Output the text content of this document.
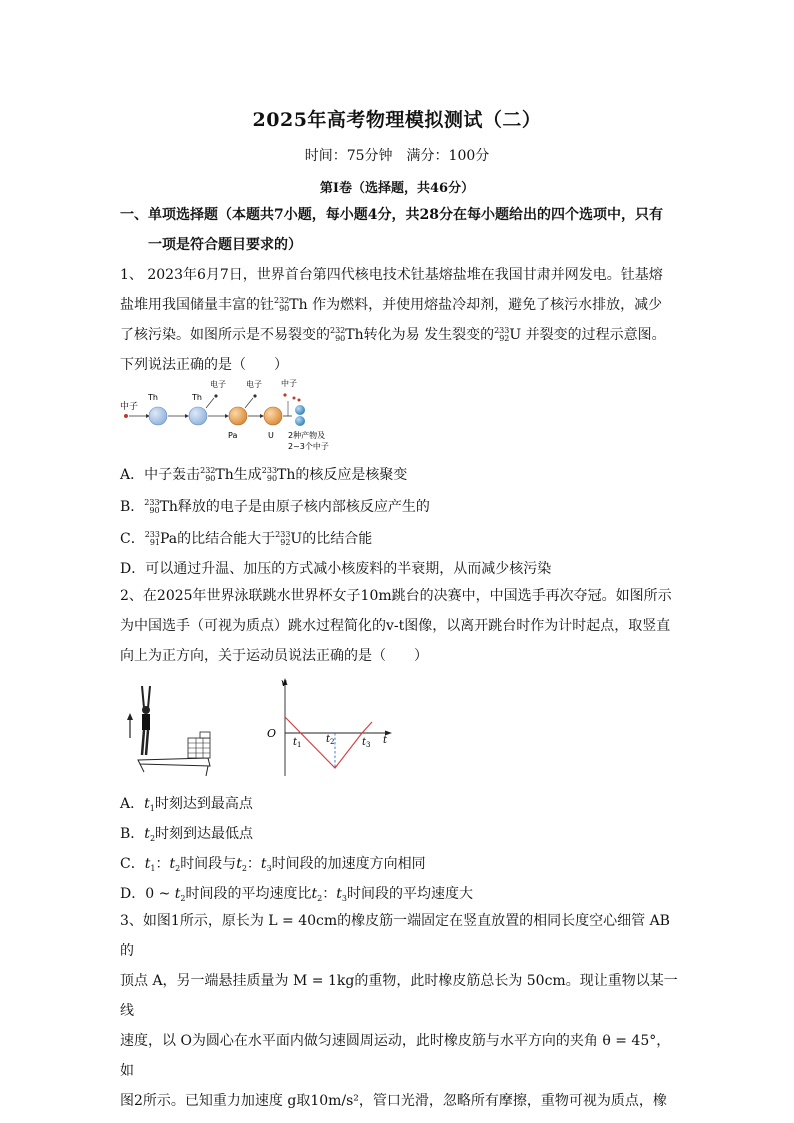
2025年高考物理模拟测试（二）
时间：75分钟　满分：100分
第Ⅰ卷（选择题，共46分）
一、单项选择题（本题共7小题，每小题4分，共28分在每小题给出的四个选项中，只有
一项是符合题目要求的）
1、 2023年6月7日，世界首台第四代核电技术钍基熔盐堆在我国甘肃并网发电。钍基熔
盐堆用我国储量丰富的钍232
90Th 作为燃料，并使用熔盐冷却剂，避免了核污水排放，减少
了核污染。如图所示是不易裂变的232
90Th转化为易 发生裂变的233
92U 并裂变的过程示意图。
下列说法正确的是（　　）
中子
Th	Th
电子
Pa
电子
U
中子
2种产物及
2~3个中子
A．中子轰击232
90Th生成233
90Th的核反应是核聚变
B．233
90Th释放的电子是由原子核内部核反应产生的
C．233
91Pa的比结合能大于233
92U的比结合能
D．可以通过升温、加压的方式减小核废料的半衰期，从而减少核污染
2、在2025年世界泳联跳水世界杯女子10m跳台的决赛中，中国选手再次夺冠。如图所示
为中国选手（可视为质点）跳水过程简化的v-t图像，以离开跳台时作为计时起点，取竖直
向上为正方向，关于运动员说法正确的是（　　）
v
t
O
$t_1$ $t_2$	$t_3$
A．$t_1$时刻达到最高点
B．$t_2$时刻到达最低点
C．$t_1$：$t_2$时间段与$t_2$：$t_3$时间段的加速度方向相同
D．0 ~ $t_2$时间段的平均速度比$t_2$：$t_3$时间段的平均速度大
3、如图1所示，原长为 L = 40cm的橡皮筋一端固定在竖直放置的相同长度空心细管 AB的
顶点 A，另一端悬挂质量为 M = 1kg的重物，此时橡皮筋总长为 50cm。现让重物以某一线
速度，以 O为圆心在水平面内做匀速圆周运动，此时橡皮筋与水平方向的夹角 θ = 45°，如
图2所示。已知重力加速度 g取10m/s²，管口光滑，忽略所有摩擦，重物可视为质点，橡
